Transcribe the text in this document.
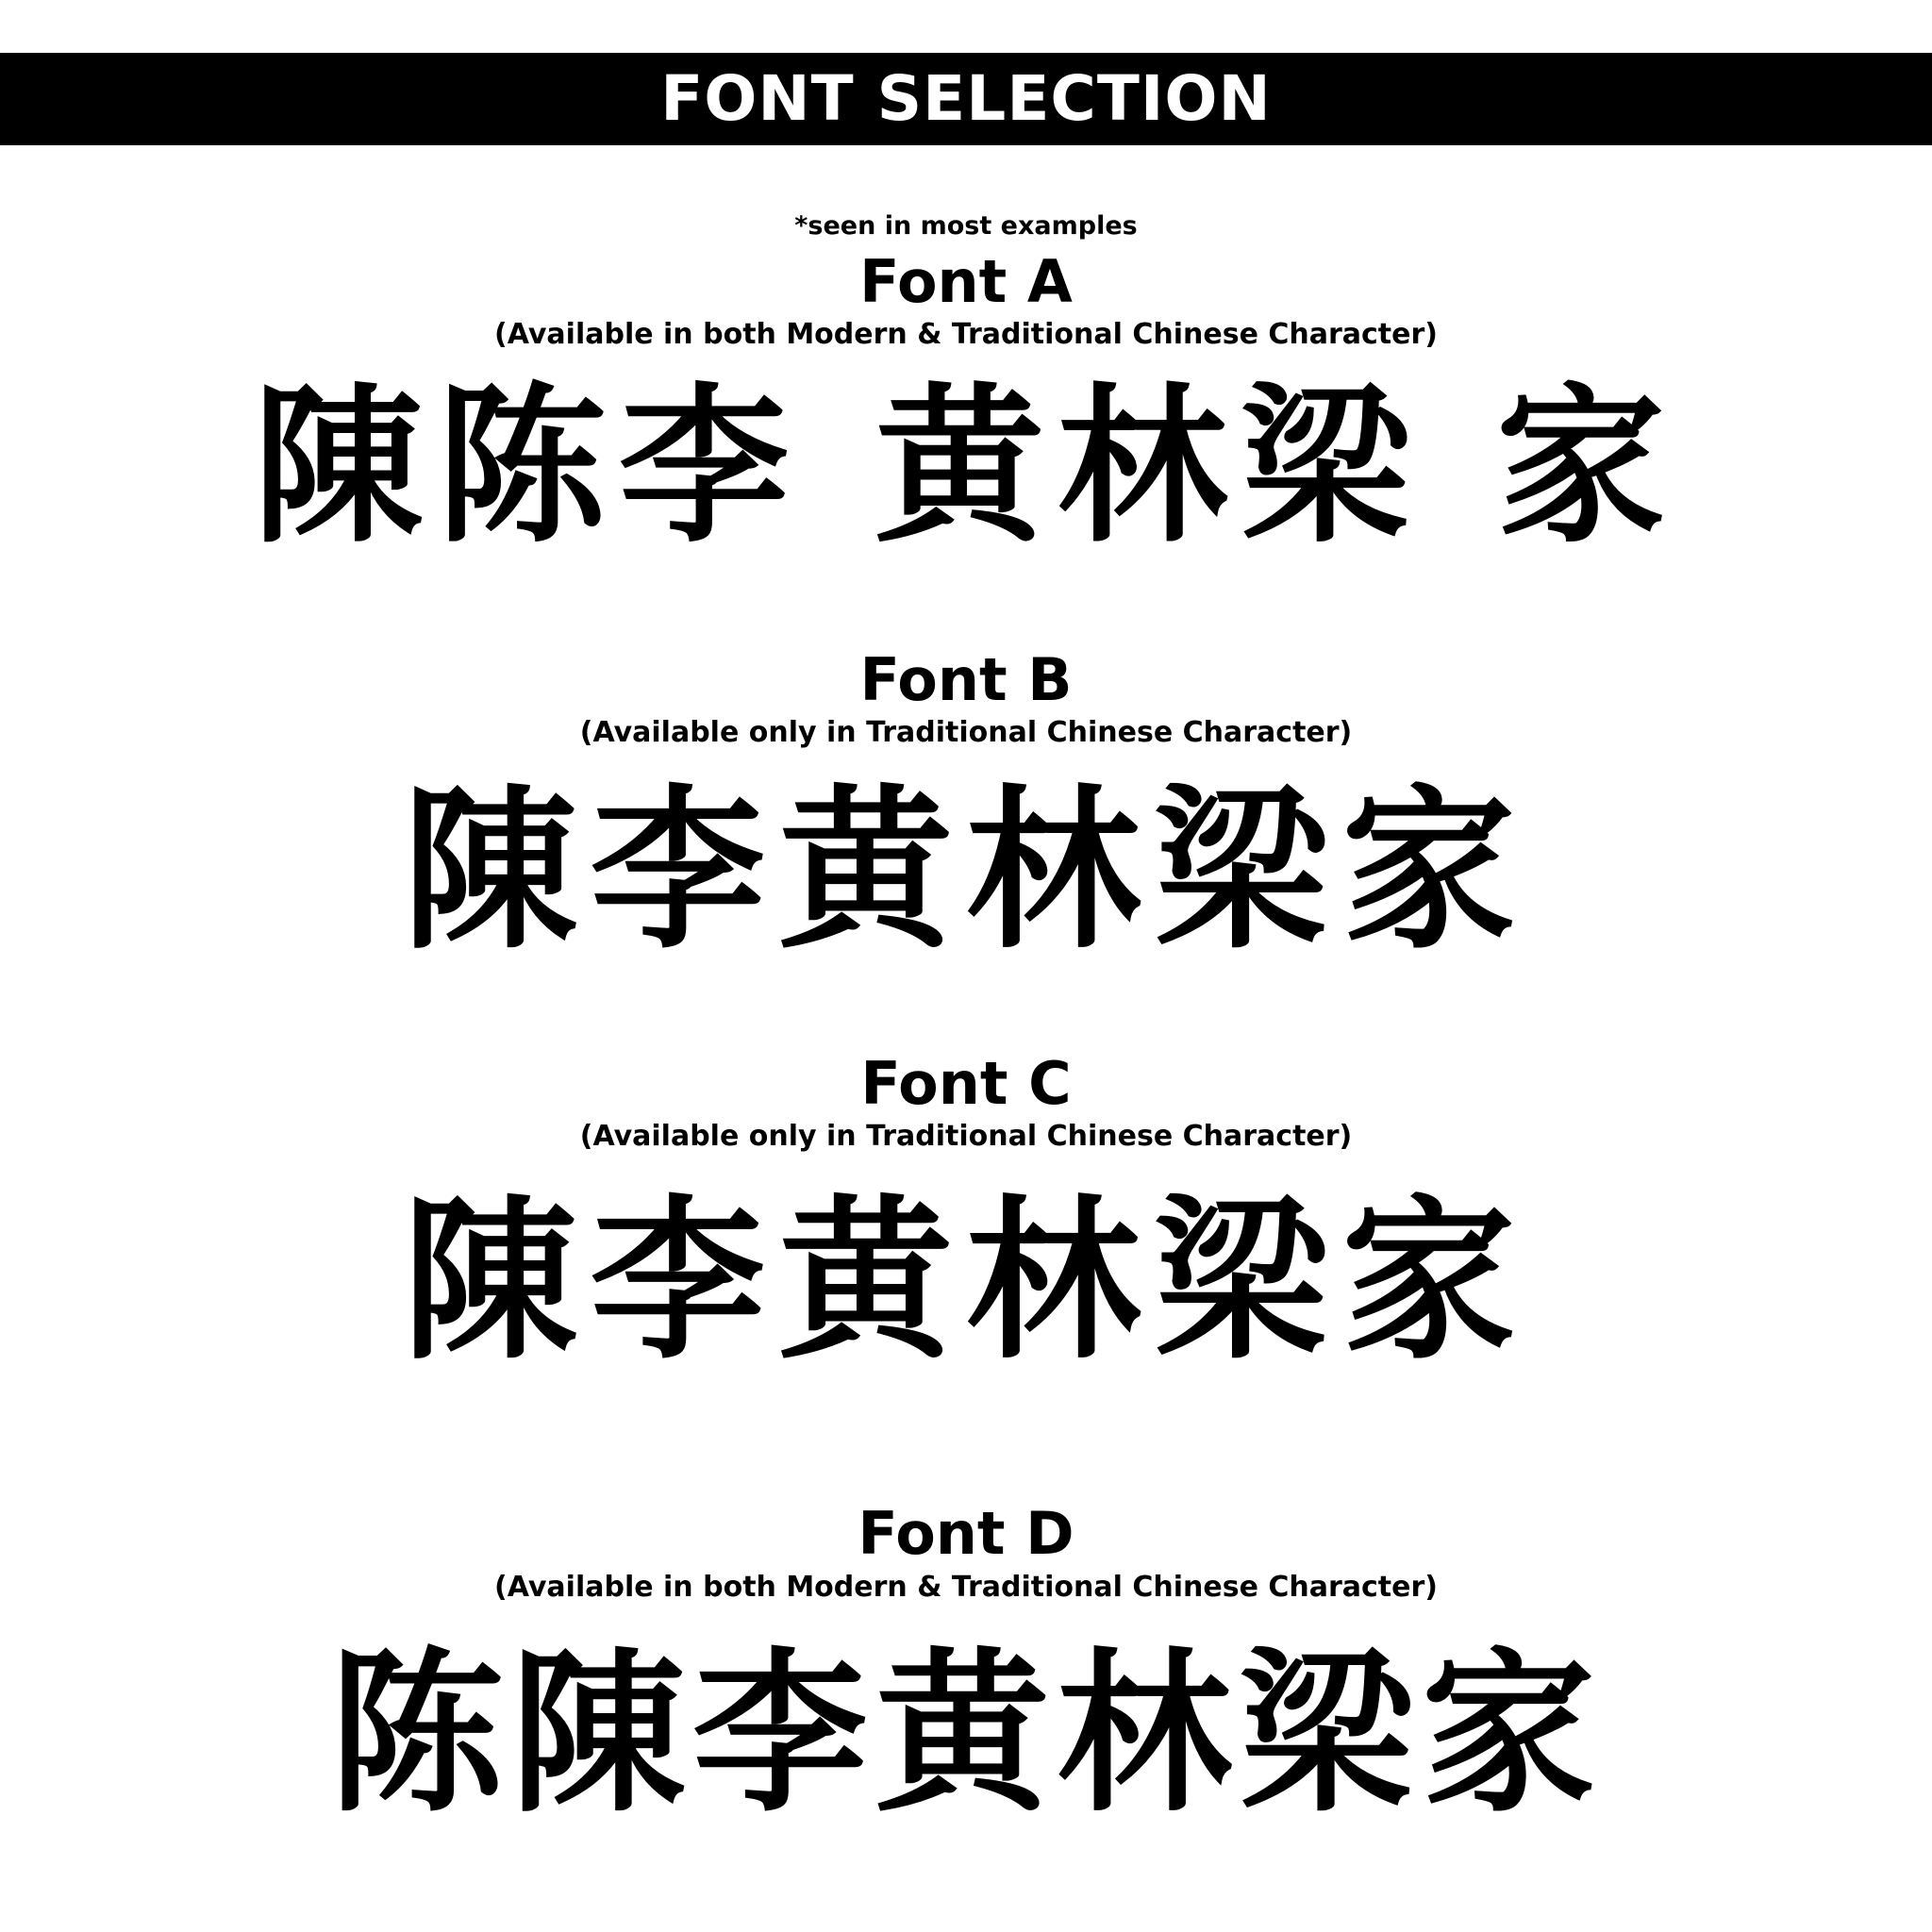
FONT SELECTION
*seen in most examples
Font A
(Available in both Modern & Traditional Chinese Character)
陳陈李 黄林梁 家
Font B
(Available only in Traditional Chinese Character)
陳李黄林梁家
Font C
(Available only in Traditional Chinese Character)
陳李黄林梁家
Font D
(Available in both Modern & Traditional Chinese Character)
陈陳李黄林梁家
